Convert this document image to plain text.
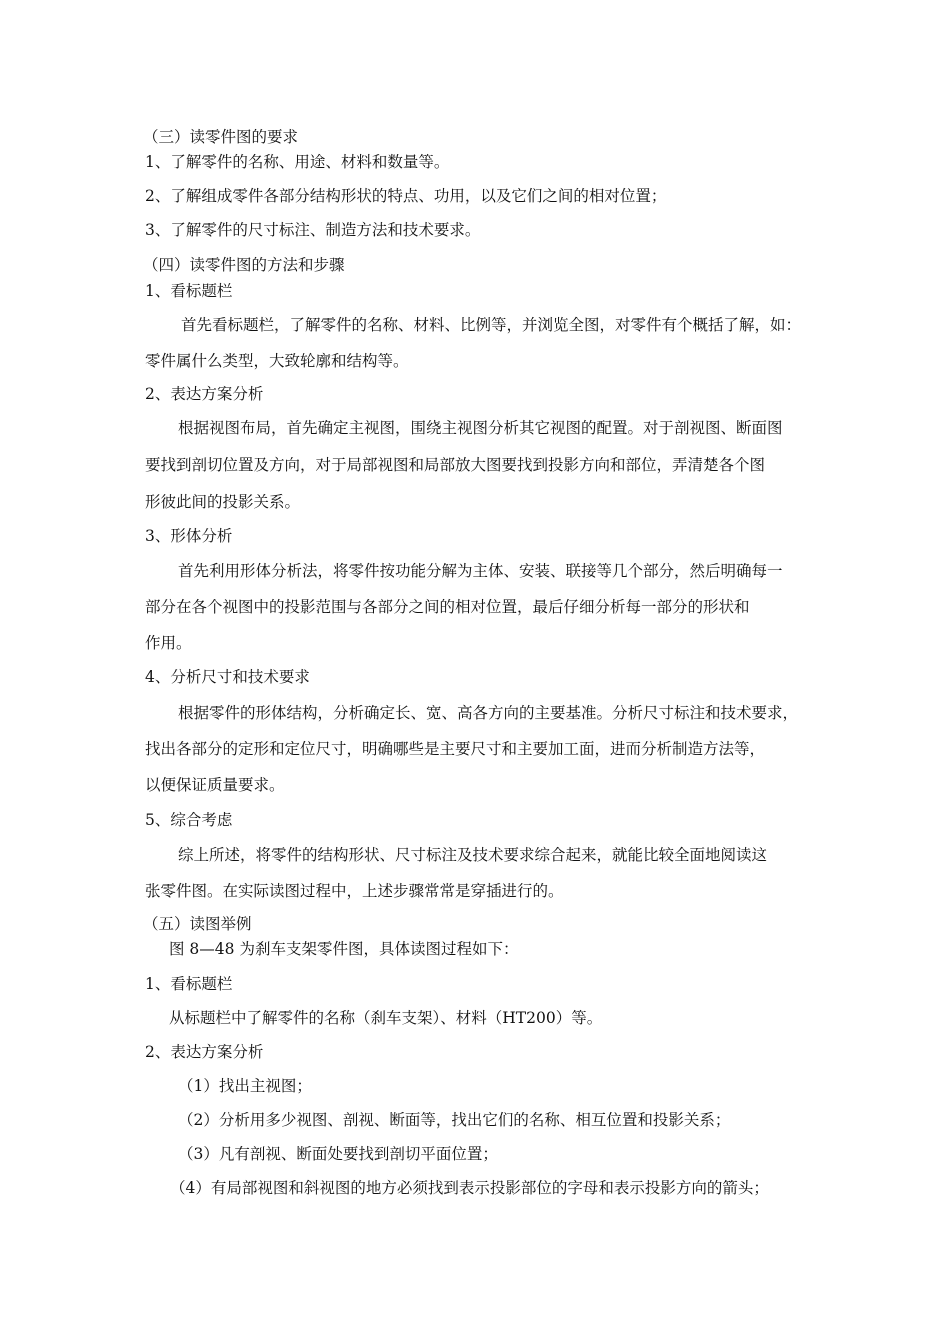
（三）读零件图的要求
1、了解零件的名称、用途、材料和数量等。
2、了解组成零件各部分结构形状的特点、功用，以及它们之间的相对位置；
3、了解零件的尺寸标注、制造方法和技术要求。
（四）读零件图的方法和步骤
1、看标题栏
首先看标题栏，了解零件的名称、材料、比例等，并浏览全图，对零件有个概括了解，如：
零件属什么类型，大致轮廓和结构等。
2、表达方案分析
根据视图布局，首先确定主视图，围绕主视图分析其它视图的配置。对于剖视图、断面图
要找到剖切位置及方向，对于局部视图和局部放大图要找到投影方向和部位，弄清楚各个图
形彼此间的投影关系。
3、形体分析
首先利用形体分析法，将零件按功能分解为主体、安装、联接等几个部分，然后明确每一
部分在各个视图中的投影范围与各部分之间的相对位置，最后仔细分析每一部分的形状和
作用。
4、分析尺寸和技术要求
根据零件的形体结构，分析确定长、宽、高各方向的主要基准。分析尺寸标注和技术要求，
找出各部分的定形和定位尺寸，明确哪些是主要尺寸和主要加工面，进而分析制造方法等，
以便保证质量要求。
5、综合考虑
综上所述，将零件的结构形状、尺寸标注及技术要求综合起来，就能比较全面地阅读这
张零件图。在实际读图过程中，上述步骤常常是穿插进行的。
（五）读图举例
图 8—48 为刹车支架零件图，具体读图过程如下：
1、看标题栏
从标题栏中了解零件的名称（刹车支架）、材料（HT200）等。
2、表达方案分析
（1）找出主视图；
（2）分析用多少视图、剖视、断面等，找出它们的名称、相互位置和投影关系；
（3）凡有剖视、断面处要找到剖切平面位置；
（4）有局部视图和斜视图的地方必须找到表示投影部位的字母和表示投影方向的箭头；
